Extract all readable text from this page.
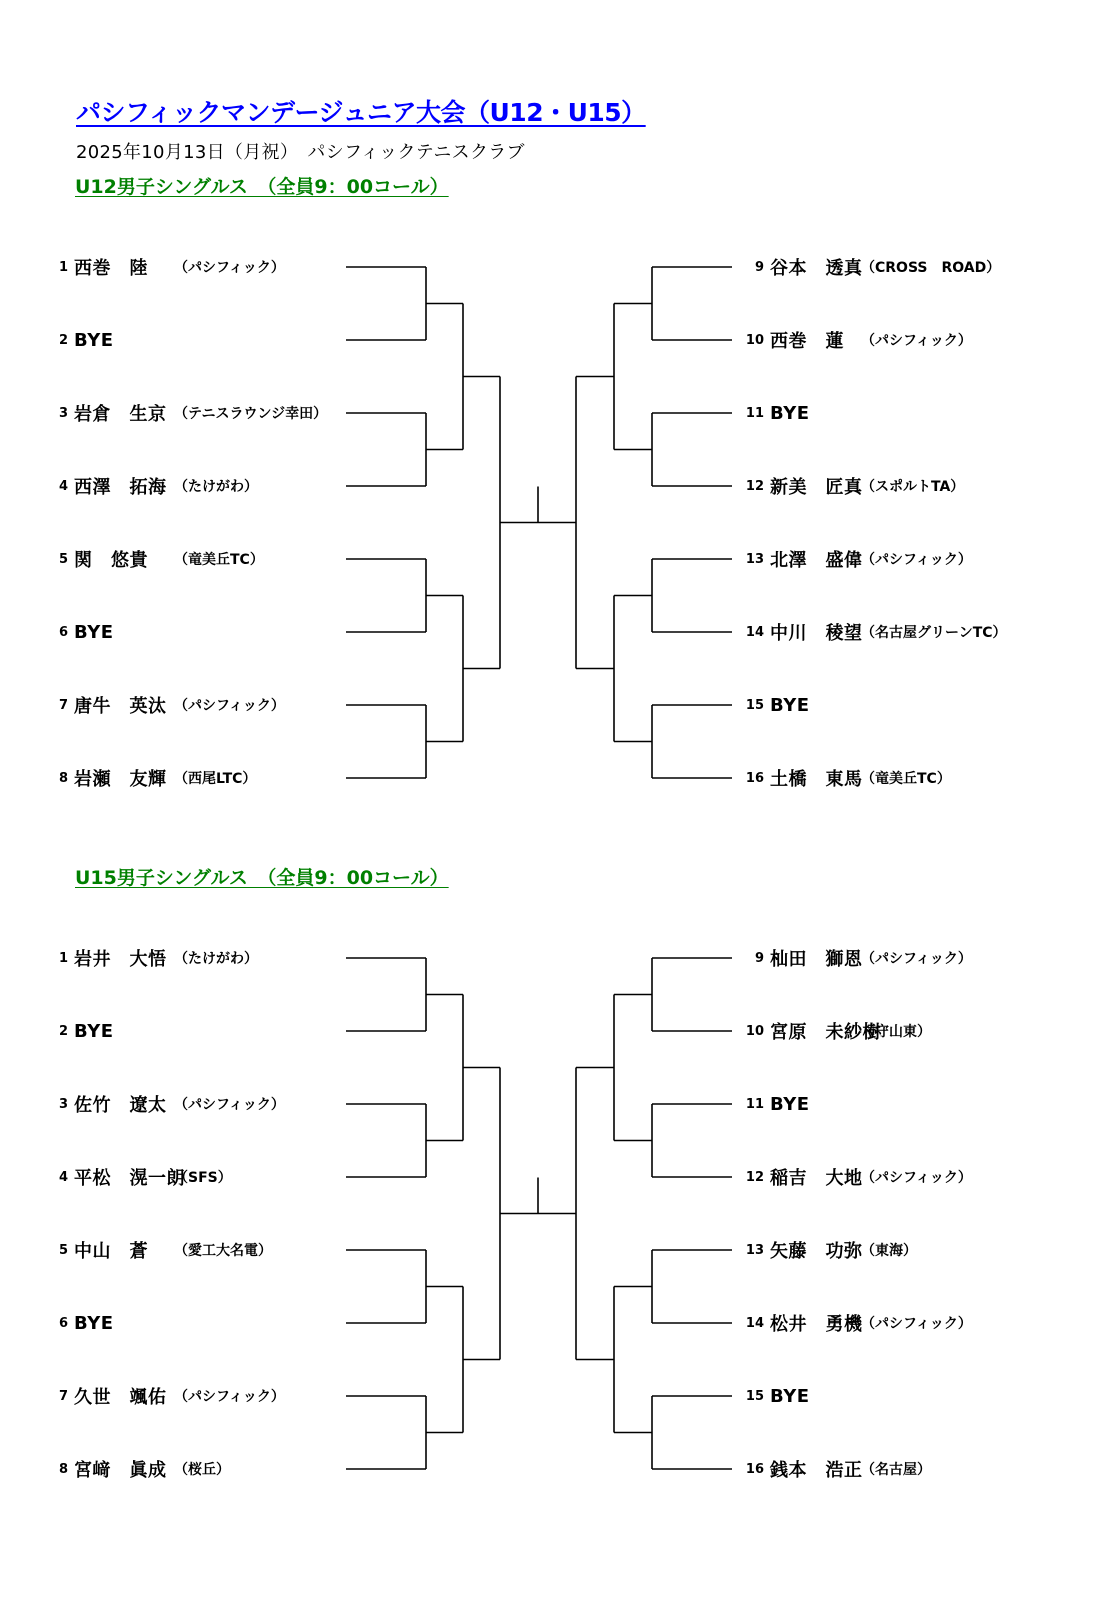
パシフィックマンデージュニア大会（U12・U15）
2025年10月13日（月祝）　パシフィックテニスクラブ
U12男子シングルス　（全員9：00コール）
1 西巻　陸 （パシフィック）
2 BYE
3 岩倉　生京 （テニスラウンジ幸田）
4 西澤　拓海 （たけがわ）
5 関　悠貴 （竜美丘TC）
6 BYE
7 唐牛　英汰 （パシフィック）
8 岩瀬　友輝 （西尾LTC）
9 谷本　透真
（CROSS　ROAD）
10 西巻　蓮 （パシフィック）
11 BYE
12 新美　匠真
（スポルトTA）
13 北澤　盛偉
（パシフィック）
14 中川　稜望
（名古屋グリーンTC）
15 BYE
16 土橋　東馬
（竜美丘TC）
U15男子シングルス　（全員9：00コール）
1 岩井　大悟 （たけがわ）
2 BYE
3 佐竹　遼太 （パシフィック）
4 平松　滉一朗
（SFS）
5 中山　蒼 （愛工大名電）
6 BYE
7 久世　颯佑 （パシフィック）
8 宮﨑　眞成 （桜丘）
9 杣田　獅恩
（パシフィック）
10 宮原　未紗樹
（守山東）
11 BYE
12 稲吉　大地
（パシフィック）
13 矢藤　功弥
（東海）
14 松井　勇機
（パシフィック）
15 BYE
16 銭本　浩正
（名古屋）
